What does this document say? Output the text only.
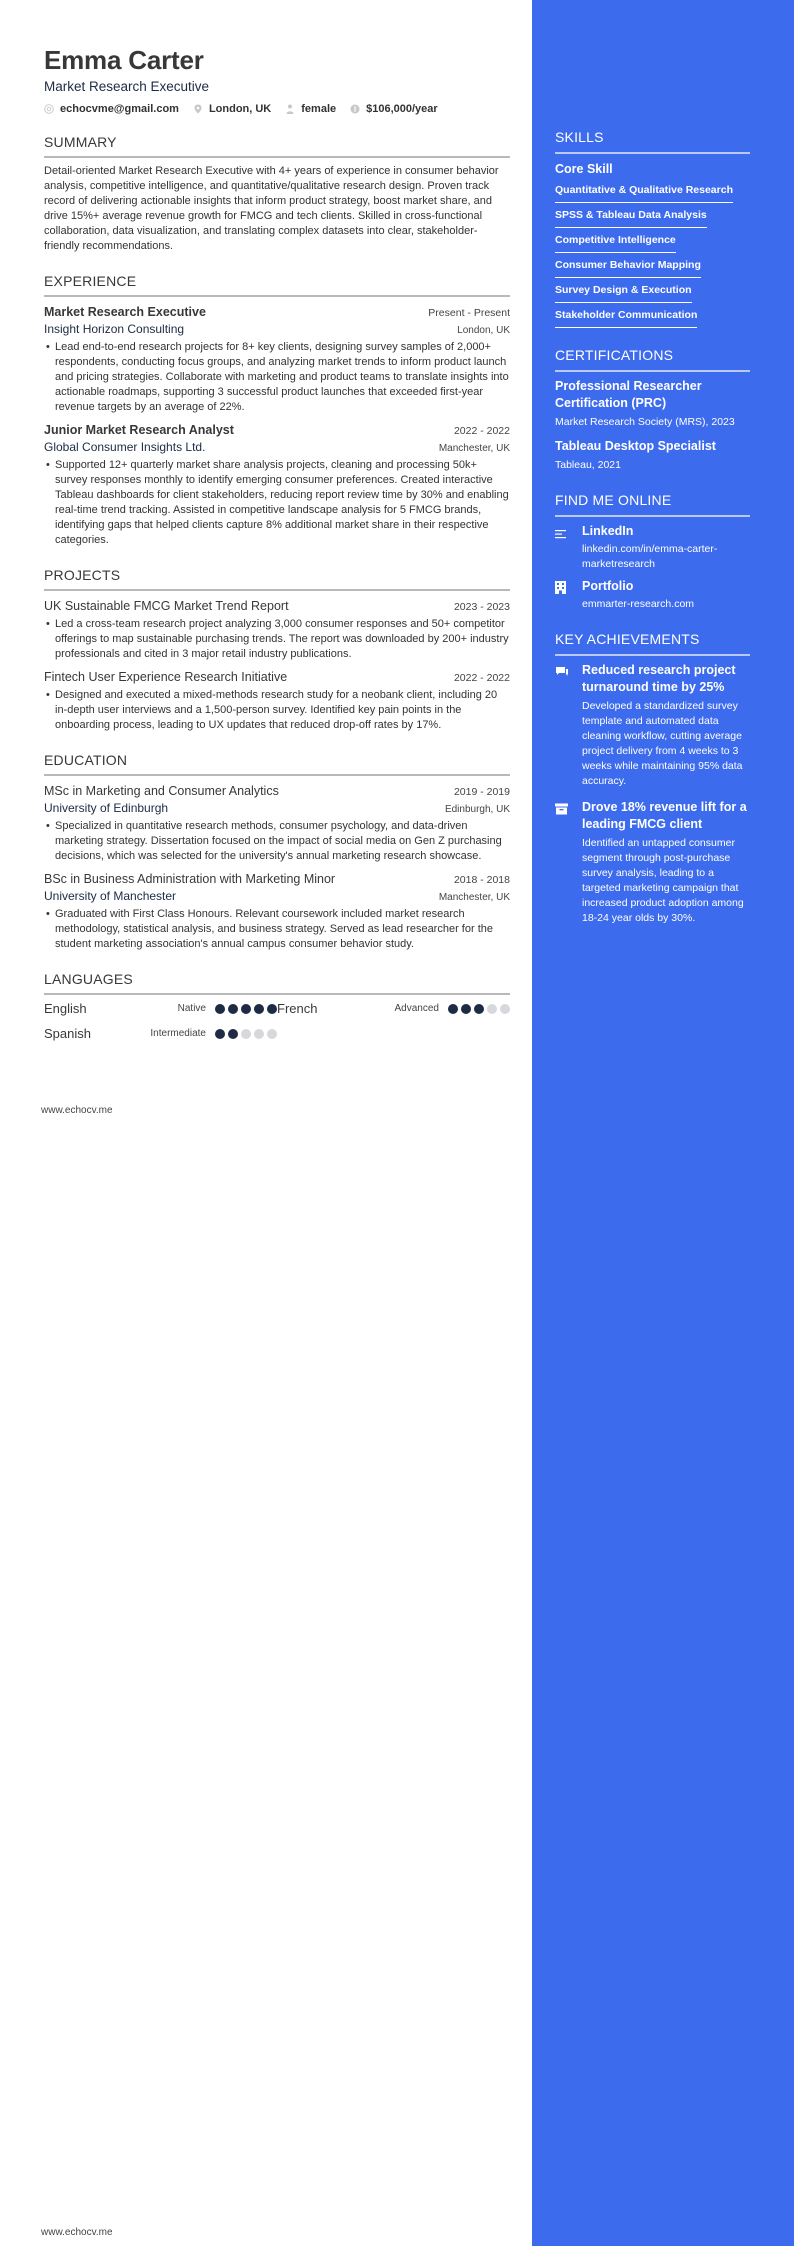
Emma Carter
Market Research Executive
echocvme@gmail.com	London, UK	female	$106,000/year
SUMMARY
Detail-oriented Market Research Executive with 4+ years of experience in consumer behavior analysis, competitive intelligence, and quantitative/qualitative research design. Proven track record of delivering actionable insights that inform product strategy, boost market share, and drive 15%+ average revenue growth for FMCG and tech clients. Skilled in cross-functional collaboration, data visualization, and translating complex datasets into clear, stakeholder-friendly recommendations.
EXPERIENCE
Market Research Executive	Present - Present
Insight Horizon Consulting	London, UK
• Lead end-to-end research projects for 8+ key clients, designing survey samples of 2,000+ respondents, conducting focus groups, and analyzing market trends to inform product launch and pricing strategies. Collaborate with marketing and product teams to translate insights into actionable roadmaps, supporting 3 successful product launches that exceeded first-year revenue targets by an average of 22%.
Junior Market Research Analyst	2022 - 2022
Global Consumer Insights Ltd.	Manchester, UK
• Supported 12+ quarterly market share analysis projects, cleaning and processing 50k+ survey responses monthly to identify emerging consumer preferences. Created interactive Tableau dashboards for client stakeholders, reducing report review time by 30% and enabling real-time trend tracking. Assisted in competitive landscape analysis for 5 FMCG brands, identifying gaps that helped clients capture 8% additional market share in their respective categories.
PROJECTS
UK Sustainable FMCG Market Trend Report	2023 - 2023
• Led a cross-team research project analyzing 3,000 consumer responses and 50+ competitor offerings to map sustainable purchasing trends. The report was downloaded by 200+ industry professionals and cited in 3 major retail industry publications.
Fintech User Experience Research Initiative	2022 - 2022
• Designed and executed a mixed-methods research study for a neobank client, including 20 in-depth user interviews and a 1,500-person survey. Identified key pain points in the onboarding process, leading to UX updates that reduced drop-off rates by 17%.
EDUCATION
MSc in Marketing and Consumer Analytics	2019 - 2019
University of Edinburgh	Edinburgh, UK
• Specialized in quantitative research methods, consumer psychology, and data-driven marketing strategy. Dissertation focused on the impact of social media on Gen Z purchasing decisions, which was selected for the university's annual marketing research showcase.
BSc in Business Administration with Marketing Minor	2018 - 2018
University of Manchester	Manchester, UK
• Graduated with First Class Honours. Relevant coursework included market research methodology, statistical analysis, and business strategy. Served as lead researcher for the student marketing association's annual campus consumer behavior study.
LANGUAGES
English	Native	French	Advanced
Spanish	Intermediate
www.echocv.me
www.echocv.me
SKILLS
Core Skill
Quantitative & Qualitative Research
SPSS & Tableau Data Analysis
Competitive Intelligence
Consumer Behavior Mapping
Survey Design & Execution
Stakeholder Communication
CERTIFICATIONS
Professional Researcher Certification (PRC)
Market Research Society (MRS), 2023
Tableau Desktop Specialist
Tableau, 2021
FIND ME ONLINE
LinkedIn
linkedin.com/in/emma-carter-marketresearch
Portfolio
emmarter-research.com
KEY ACHIEVEMENTS
Reduced research project turnaround time by 25%
Developed a standardized survey template and automated data cleaning workflow, cutting average project delivery from 4 weeks to 3 weeks while maintaining 95% data accuracy.
Drove 18% revenue lift for a leading FMCG client
Identified an untapped consumer segment through post-purchase survey analysis, leading to a targeted marketing campaign that increased product adoption among 18-24 year olds by 30%.
